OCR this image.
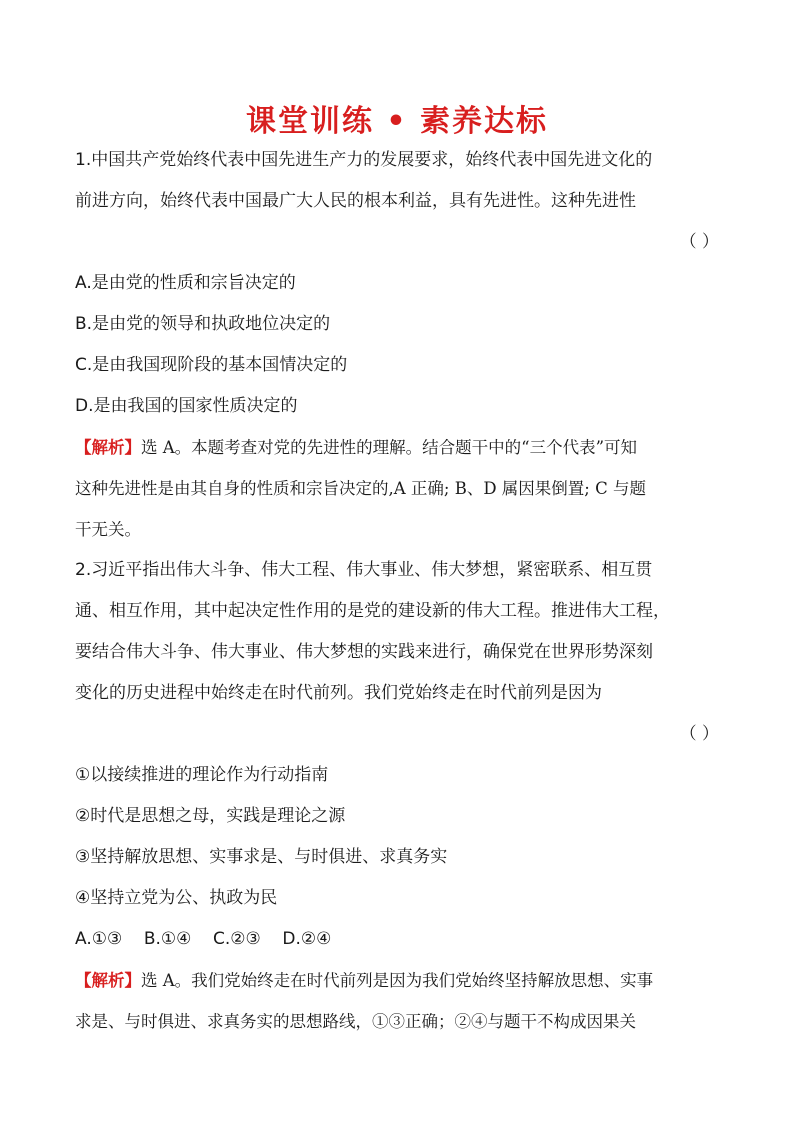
课堂训练 • 素养达标
1.中国共产党始终代表中国先进生产力的发展要求，始终代表中国先进文化的
前进方向，始终代表中国最广大人民的根本利益，具有先进性。这种先进性
（ ）
A.是由党的性质和宗旨决定的
B.是由党的领导和执政地位决定的
C.是由我国现阶段的基本国情决定的
D.是由我国的国家性质决定的
【解析】选 A。本题考查对党的先进性的理解。结合题干中的“三个代表”可知
这种先进性是由其自身的性质和宗旨决定的,A 正确; B、D 属因果倒置; C 与题
干无关。
2.习近平指出伟大斗争、伟大工程、伟大事业、伟大梦想，紧密联系、相互贯
通、相互作用，其中起决定性作用的是党的建设新的伟大工程。推进伟大工程，
要结合伟大斗争、伟大事业、伟大梦想的实践来进行，确保党在世界形势深刻
变化的历史进程中始终走在时代前列。我们党始终走在时代前列是因为
（ ）
①以接续推进的理论作为行动指南
②时代是思想之母，实践是理论之源
③坚持解放思想、实事求是、与时俱进、求真务实
④坚持立党为公、执政为民
A.①③    B.①④    C.②③    D.②④
【解析】选 A。我们党始终走在时代前列是因为我们党始终坚持解放思想、实事
求是、与时俱进、求真务实的思想路线，①③正确；②④与题干不构成因果关
